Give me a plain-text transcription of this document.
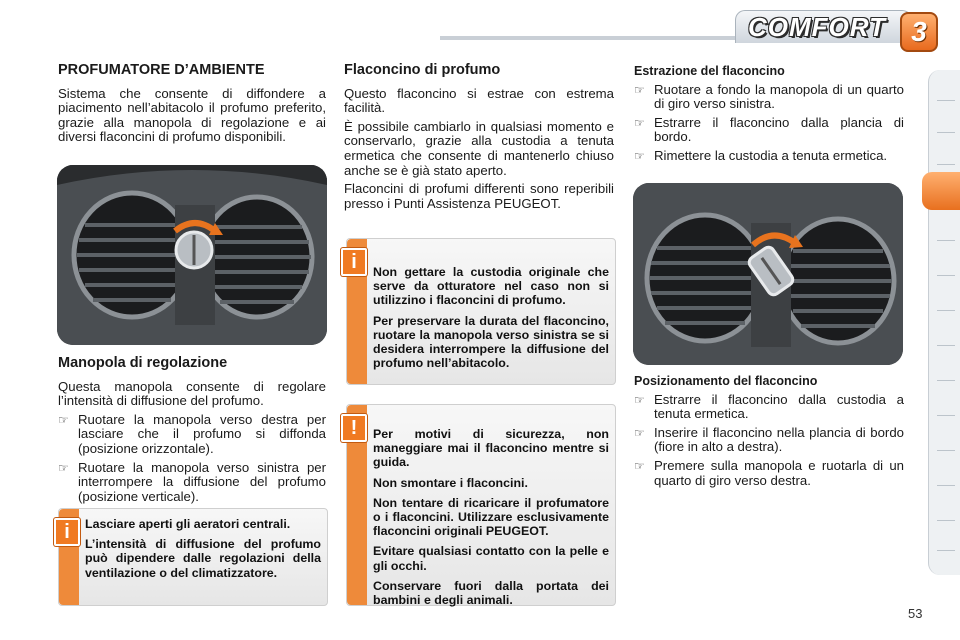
COMFORT 3
PROFUMATORE D’AMBIENTE

Sistema che consente di diffondere a piacimento nell’abitacolo il profumo preferito, grazie alla manopola di regolazione e ai diversi flaconcini di profumo disponibili.

Manopola di regolazione

Questa manopola consente di regolare l’intensità di diffusione del profumo.

☞ Ruotare la manopola verso destra per lasciare che il profumo si diffonda (posizione orizzontale).
☞ Ruotare la manopola verso sinistra per interrompere la diffusione del profumo (posizione verticale).

Lasciare aperti gli aeratori centrali.

L’intensità di diffusione del profumo può dipendere dalle regolazioni della ventilazione o del climatizzatore.

i
Flaconcino di profumo

Questo flaconcino si estrae con estrema facilità.

È possibile cambiarlo in qualsiasi momento e conservarlo, grazie alla custodia a tenuta ermetica che consente di mantenerlo chiuso anche se è già stato aperto.

Flaconcini di profumi differenti sono reperibili presso i Punti Assistenza PEUGEOT.

Non gettare la custodia originale che serve da otturatore nel caso non si utilizzino i flaconcini di profumo.

Per preservare la durata del flaconcino, ruotare la manopola verso sinistra se si desidera interrompere la diffusione del profumo nell’abitacolo.

i

Per motivi di sicurezza, non maneggiare mai il flaconcino mentre si guida.

Non smontare i flaconcini.

Non tentare di ricaricare il profumatore o i flaconcini. Utilizzare esclusivamente flaconcini originali PEUGEOT.

Evitare qualsiasi contatto con la pelle e gli occhi.

Conservare fuori dalla portata dei bambini e degli animali.

!
Estrazione del flaconcino
☞ Ruotare a fondo la manopola di un quarto di giro verso sinistra.
☞ Estrarre il flaconcino dalla plancia di bordo.
☞ Rimettere la custodia a tenuta ermetica.
Posizionamento del flaconcino
☞ Estrarre il flaconcino dalla custodia a tenuta ermetica.
☞ Inserire il flaconcino nella plancia di bordo (fiore in alto a destra).
☞ Premere sulla manopola e ruotarla di un quarto di giro verso destra.
53
